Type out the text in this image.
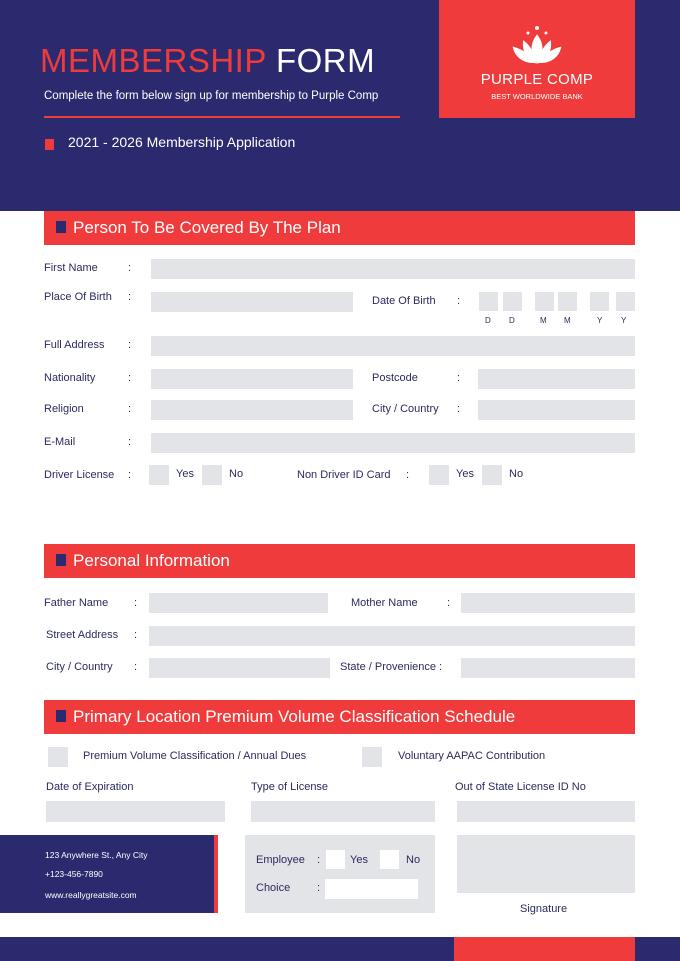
MEMBERSHIP FORM
Complete the form below sign up for membership to Purple Comp
2021 - 2026 Membership Application
PURPLE COMP
BEST WORLDWIDE BANK
Person To Be Covered By The Plan
First Name	:
Place Of Birth :	Date Of Birth :
D D	M M	Y Y
Full Address :
Nationality	:	Postcode	:
Religion	:	City / Country :
E-Mail	:
Driver License :	Yes	No	Non Driver ID Card :	Yes	No
Personal Information
Father Name :	Mother Name	:
Street Address :
City / Country :	State / Provenience :
Primary Location Premium Volume Classification Schedule
Premium Volume Classification / Annual Dues	Voluntary AAPAC Contribution
Date of Expiration	Type of License	Out of State License ID No
123 Anywhere St., Any City
+123-456-7890
www.reallygreatsite.com
Employee :	Yes	No
Choice :
Signature
